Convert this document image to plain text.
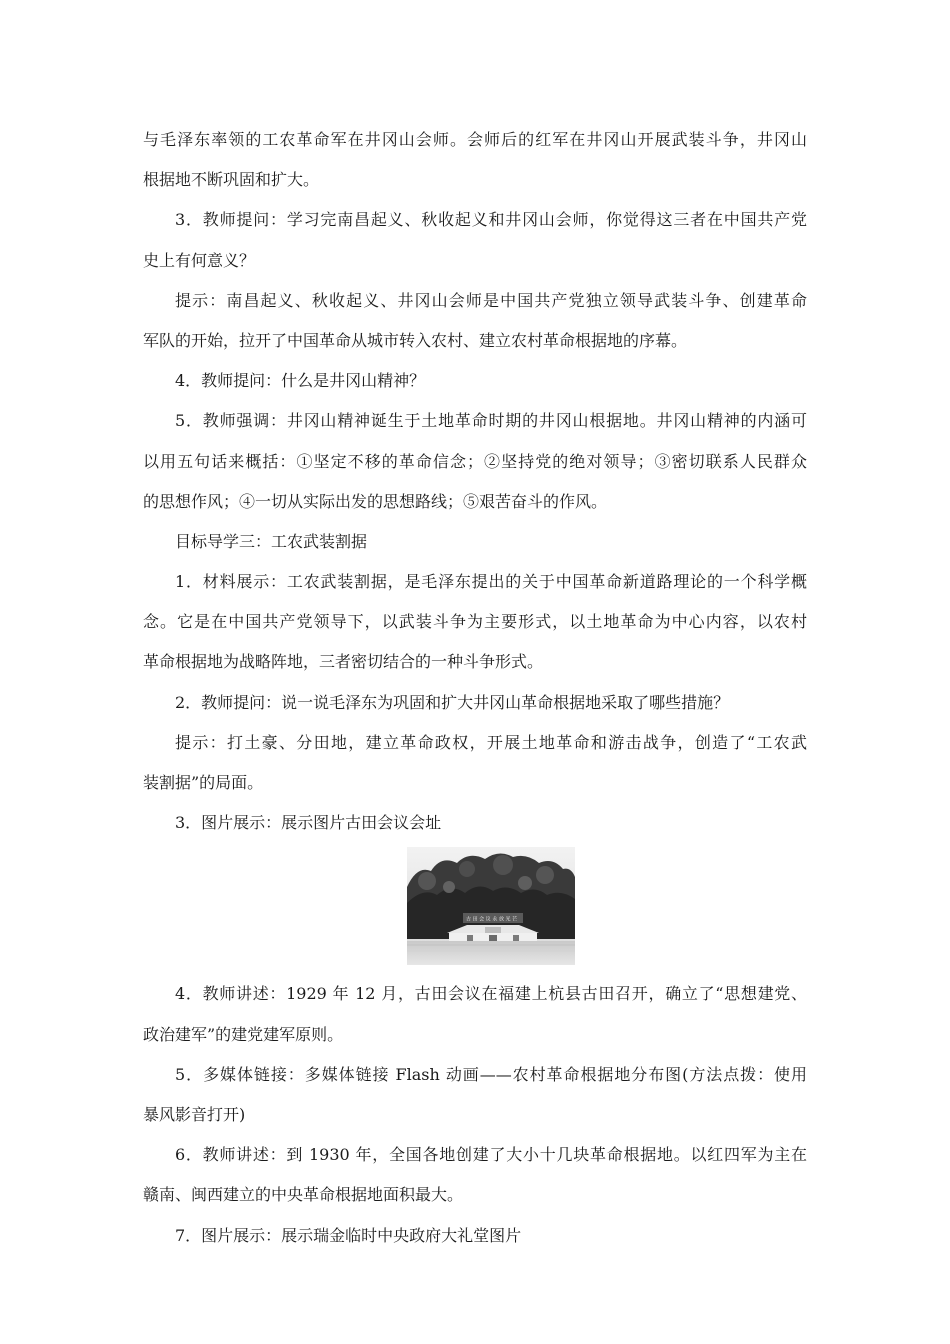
与毛泽东率领的工农革命军在井冈山会师。会师后的红军在井冈山开展武装斗争，井冈山
根据地不断巩固和扩大。
3．教师提问：学习完南昌起义、秋收起义和井冈山会师，你觉得这三者在中国共产党
史上有何意义？
提示：南昌起义、秋收起义、井冈山会师是中国共产党独立领导武装斗争、创建革命
军队的开始，拉开了中国革命从城市转入农村、建立农村革命根据地的序幕。
4．教师提问：什么是井冈山精神？
5．教师强调：井冈山精神诞生于土地革命时期的井冈山根据地。井冈山精神的内涵可
以用五句话来概括：①坚定不移的革命信念；②坚持党的绝对领导；③密切联系人民群众
的思想作风；④一切从实际出发的思想路线；⑤艰苦奋斗的作风。
目标导学三：工农武装割据
1．材料展示：工农武装割据，是毛泽东提出的关于中国革命新道路理论的一个科学概
念。它是在中国共产党领导下，以武装斗争为主要形式，以土地革命为中心内容，以农村
革命根据地为战略阵地，三者密切结合的一种斗争形式。
2．教师提问：说一说毛泽东为巩固和扩大井冈山革命根据地采取了哪些措施？
提示：打土豪、分田地，建立革命政权，开展土地革命和游击战争，创造了“工农武
装割据”的局面。
3．图片展示：展示图片古田会议会址
古 田 会 议 永 放 光 芒
4．教师讲述：1929 年 12 月，古田会议在福建上杭县古田召开，确立了“思想建党、
政治建军”的建党建军原则。
5．多媒体链接：多媒体链接 Flash 动画——农村革命根据地分布图(方法点拨：使用
暴风影音打开)
6．教师讲述：到 1930 年，全国各地创建了大小十几块革命根据地。以红四军为主在
赣南、闽西建立的中央革命根据地面积最大。
7．图片展示：展示瑞金临时中央政府大礼堂图片
